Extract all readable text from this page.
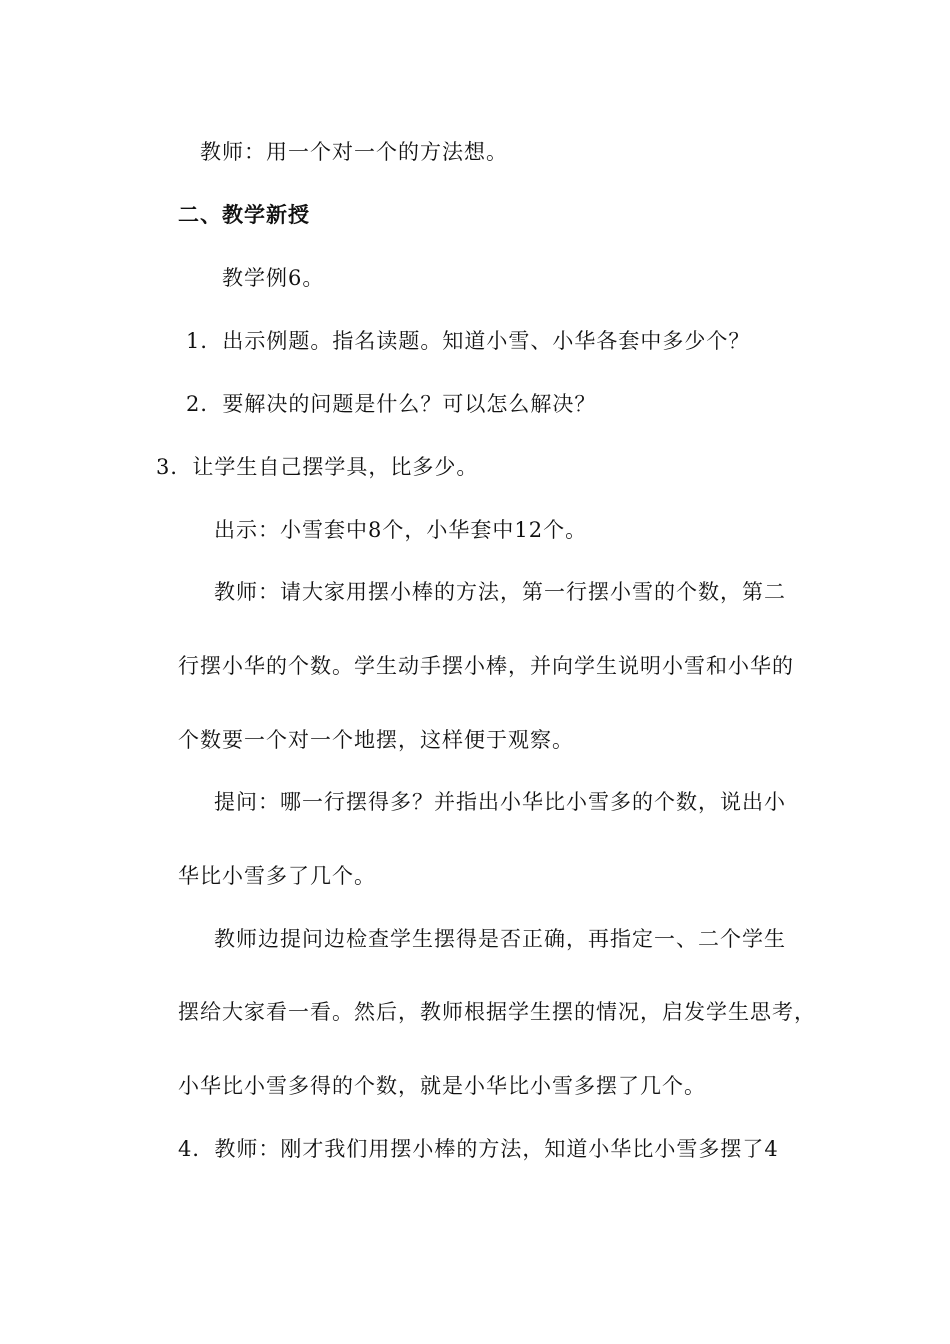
教师：用一个对一个的方法想。
二、教学新授
教学例6。
1．出示例题。指名读题。知道小雪、小华各套中多少个？
2．要解决的问题是什么？可以怎么解决？
3．让学生自己摆学具，比多少。
出示：小雪套中8个，小华套中12个。
教师：请大家用摆小棒的方法，第一行摆小雪的个数，第二
行摆小华的个数。学生动手摆小棒，并向学生说明小雪和小华的
个数要一个对一个地摆，这样便于观察。
提问：哪一行摆得多？并指出小华比小雪多的个数，说出小
华比小雪多了几个。
教师边提问边检查学生摆得是否正确，再指定一、二个学生
摆给大家看一看。然后，教师根据学生摆的情况，启发学生思考，
小华比小雪多得的个数，就是小华比小雪多摆了几个。
4．教师：刚才我们用摆小棒的方法，知道小华比小雪多摆了4
